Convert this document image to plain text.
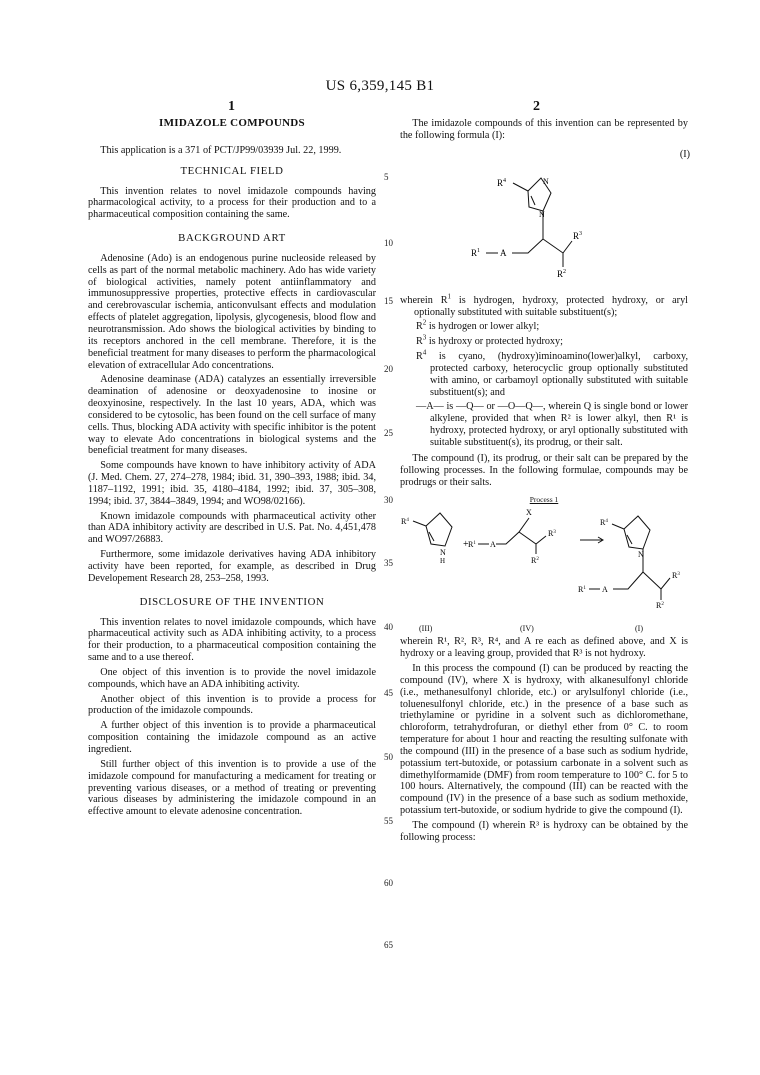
US 6,359,145 B1
1	2
IMIDAZOLE COMPOUNDS

This application is a 371 of PCT/JP99/03939 Jul. 22, 1999.

TECHNICAL FIELD

This invention relates to novel imidazole compounds having pharmacological activity, to a process for their production and to a pharmaceutical composition containing the same.

BACKGROUND ART

Adenosine (Ado) is an endogenous purine nucleoside released by cells as part of the normal metabolic machinery. Ado has wide variety of biological activities, namely potent antiinflammatory and immunosuppressive properties, protective effects in cardiovascular and cerebrovascular ischemia, anticonvulsant effects and modulation effects of platelet aggregation, lipolysis, glycogenesis, blood flow and neurotransmission. Ado shows the biological activities by binding to its receptors anchored in the cell membrane. Therefore, it is the beneficial treatment for many diseases to perform the pharmacological elevation of extracellular Ado concentrations.

Adenosine deaminase (ADA) catalyzes an essentially irreversible deamination of adenosine or deoxyadenosine to inosine or deoxyinosine, respectively. In the last 10 years, ADA, which was considered to be cytosolic, has been found on the cell surface of many cells. Thus, blocking ADA activity with specific inhibitor is the potent way to elevate Ado concentrations in biological systems and the beneficial treatment for many diseases.

Some compounds have known to have inhibitory activity of ADA (J. Med. Chem. 27, 274–278, 1984; ibid. 31, 390–393, 1988; ibid. 34, 1187–1192, 1991; ibid. 35, 4180–4184, 1992; ibid. 37, 305–308, 1994; ibid. 37, 3844–3849, 1994; and WO98/02166).

Known imidazole compounds with pharmaceutical activity other than ADA inhibitory activity are described in U.S. Pat. No. 4,451,478 and WO97/26883.

Furthermore, some imidazole derivatives having ADA inhibitory activity have been reported, for example, as described in Drug Developement Research 28, 253–258, 1993.

DISCLOSURE OF THE INVENTION

This invention relates to novel imidazole compounds, which have pharmaceutical activity such as ADA inhibiting activity, to a process for their production, to a pharmaceutical composition containing the same and to a use thereof.

One object of this invention is to provide the novel imidazole compounds, which have an ADA inhibiting activity.

Another object of this invention is to provide a process for production of the imidazole compounds.

A further object of this invention is to provide a pharmaceutical composition containing the imidazole compound as an active ingredient.

Still further object of this invention is to provide a use of the imidazole compound for manufacturing a medicament for treating or preventing various diseases, or a method of treating or preventing various diseases by administering the imidazole compound in an effective amount to elevate adenosine concentration.

5
10
15
20
25
30
35
40
45
50
55
60
65

The imidazole compounds of this invention can be represented by the following formula (I):

(I)
$R^4$	N
N
$R^1$ A
$R^3$
$R^2$
wherein $R^1$ is hydrogen, hydroxy, protected hydroxy, or aryl optionally substituted with suitable substituent(s);
$R^2$ is hydrogen or lower alkyl;
$R^3$ is hydroxy or protected hydroxy;
$R^4$ is cyano, (hydroxy)iminoamino(lower)alkyl, carboxy, protected carboxy, heterocyclic group optionally substituted with amino, or carbamoyl optionally substituted with suitable substituent(s); and
—A— is —Q— or —O—Q—, wherein Q is single bond or lower alkylene, provided that when R² is lower alkyl, then R¹ is hydroxy, protected hydroxy, or aryl optionally substituted with suitable substituent(s), its prodrug, or their salt.

The compound (I), its prodrug, or their salt can be prepared by the following processes. In the following formulae, compounds may be prodrugs or their salts.

Process 1
$R^4$
N
H
+ $R^1$ A
X
$R^3$
$R^2$
$R^4$
N
$R^1$ A
$R^3$
$R^2$
(III)	(IV)	(I)

wherein R¹, R², R³, R⁴, and A re each as defined above, and X is hydroxy or a leaving group, provided that R³ is not hydroxy.

In this process the compound (I) can be produced by reacting the compound (IV), where X is hydroxy, with alkanesulfonyl chloride (i.e., methanesulfonyl chloride, etc.) or arylsulfonyl chloride (i.e., toluenesulfonyl chloride, etc.) in the presence of a base such as triethylamine or pyridine in a solvent such as dichloromethane, chloroform, tetrahydrofuran, or diethyl ether from 0° C. to room temperature for about 1 hour and reacting the resulting sulfonate with the compound (III) in the presence of a base such as sodium hydride, potassium tert-butoxide, or potassium carbonate in a solvent such as dimethylformamide (DMF) from room temperature to 100° C. for 5 to 100 hours. Alternatively, the compound (III) can be reacted with the compound (IV) in the presence of a base such as sodium methoxide, potassium tert-butoxide, or sodium hydride to give the compound (I).

The compound (I) wherein R³ is hydroxy can be obtained by the following process:
